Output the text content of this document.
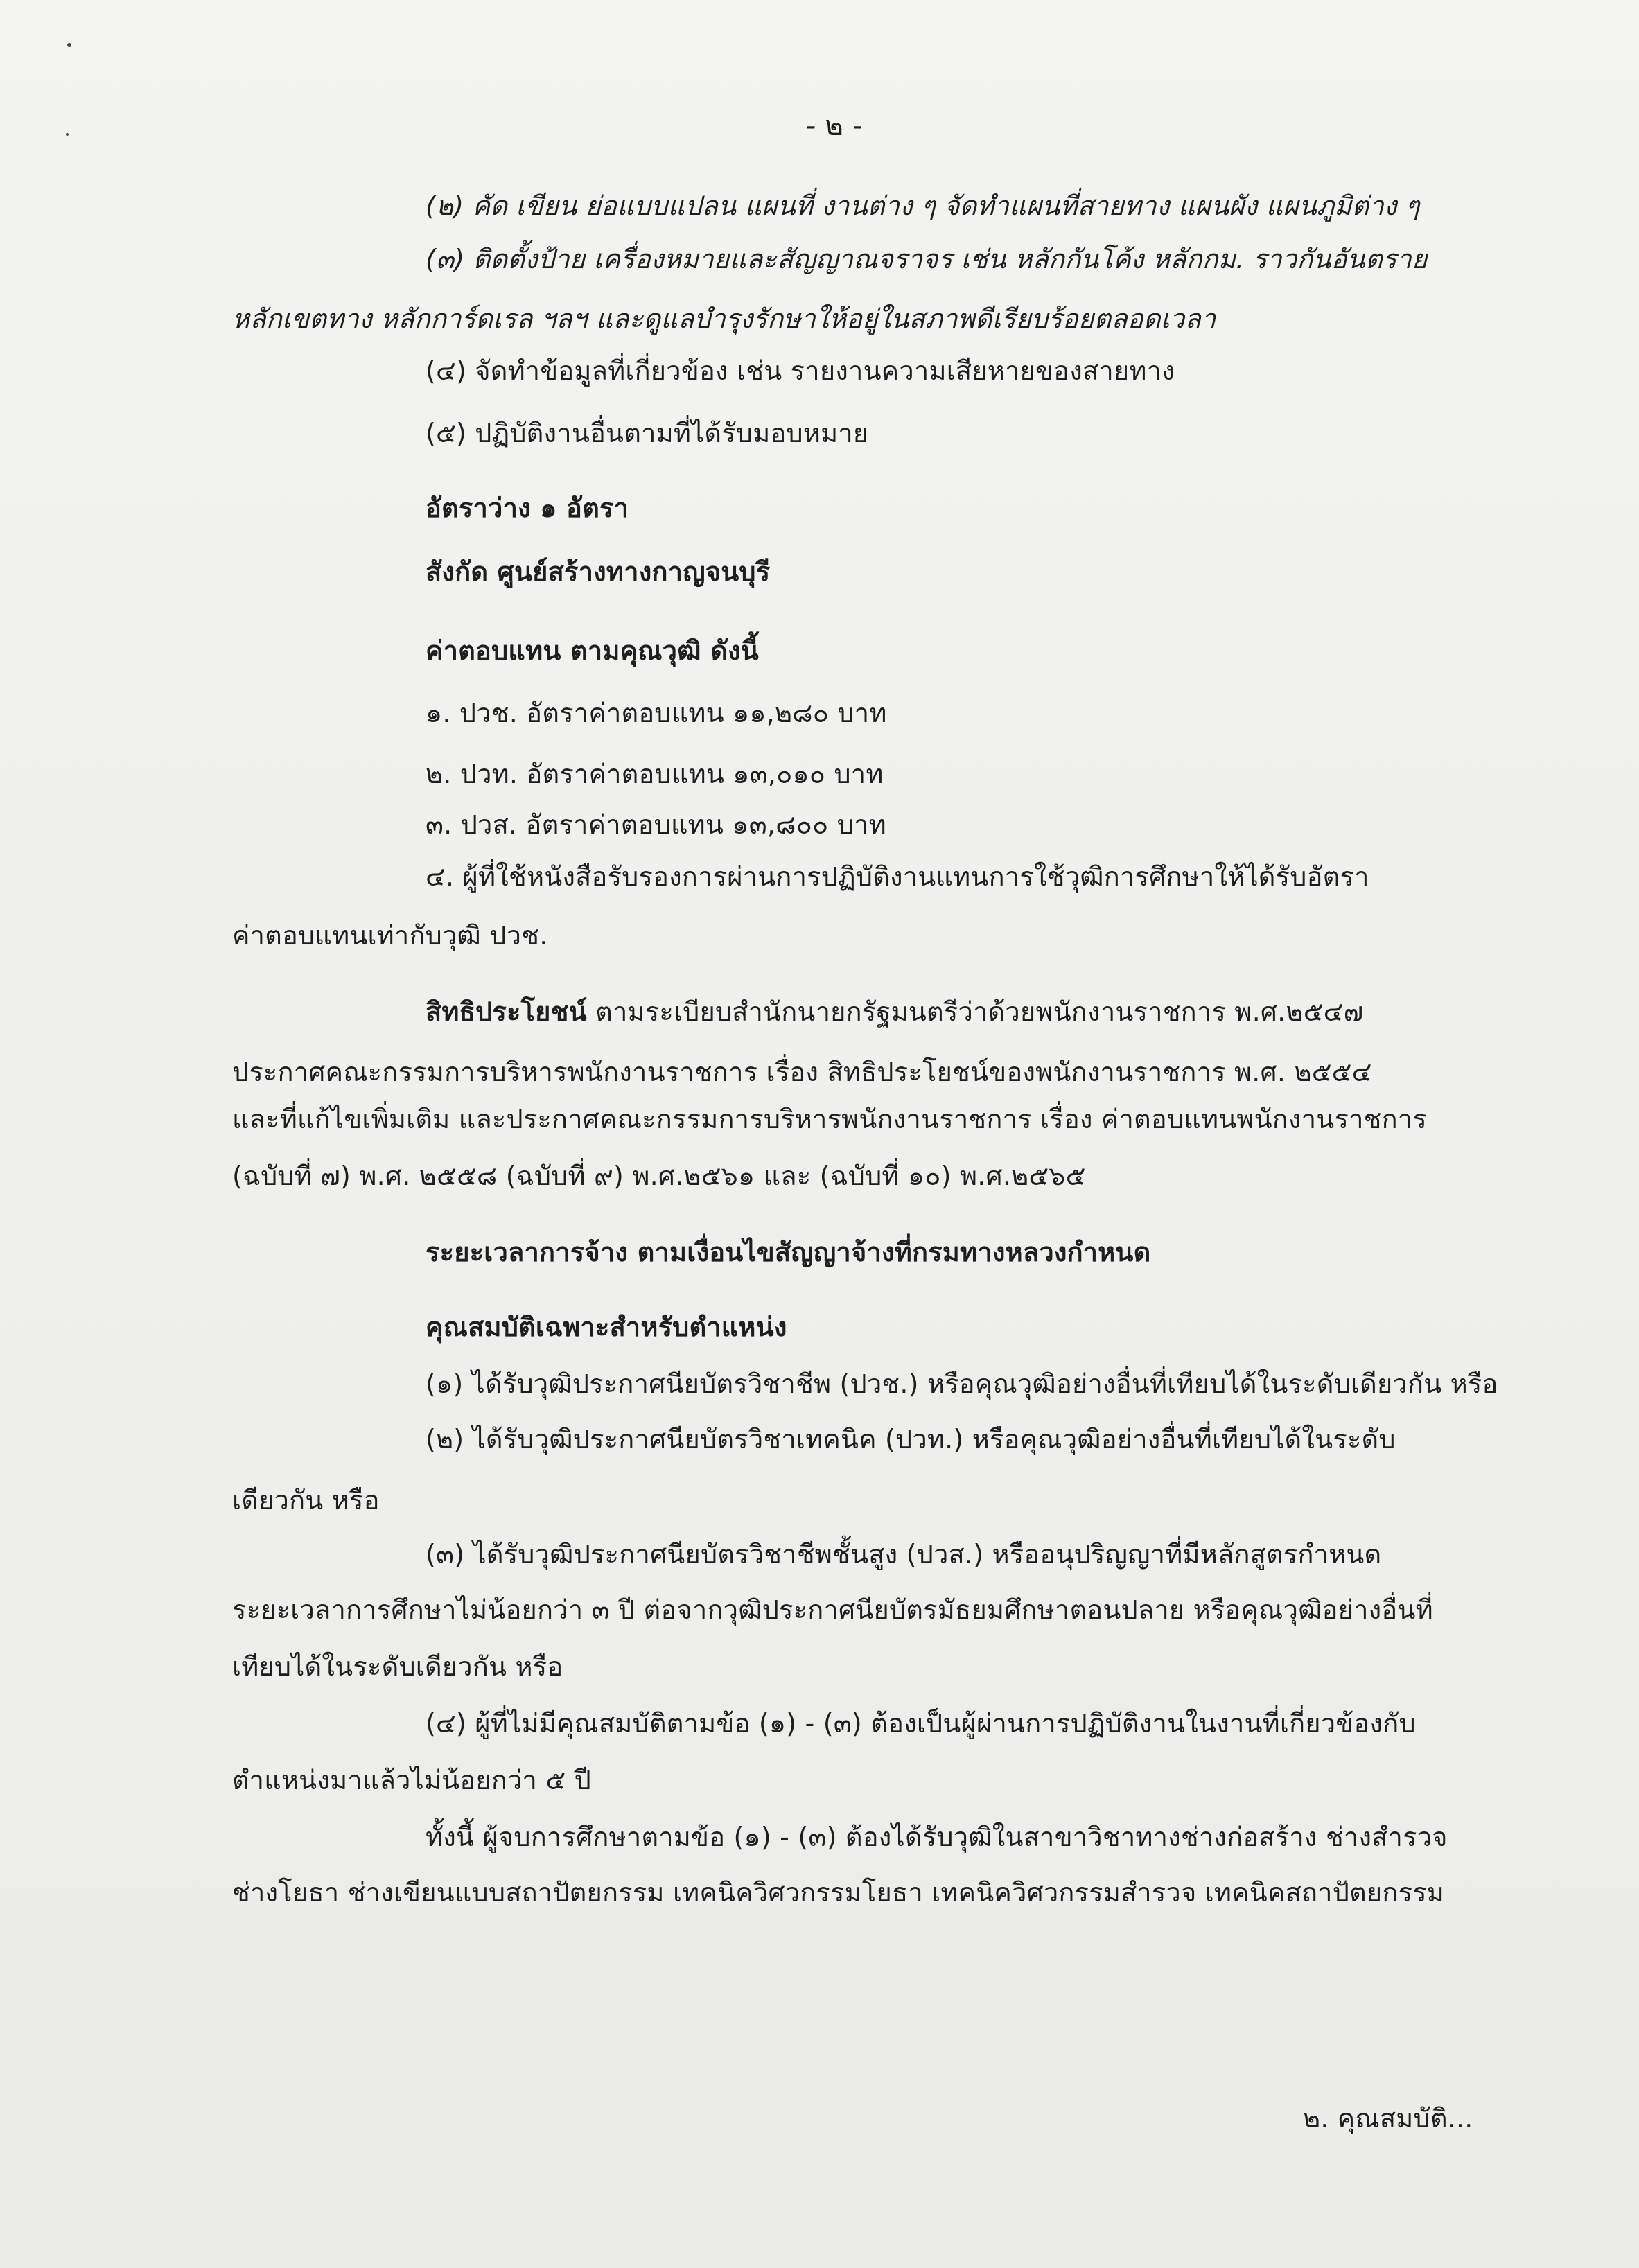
- ๒ -
(๒) คัด เขียน ย่อแบบแปลน แผนที่ งานต่าง ๆ จัดทำแผนที่สายทาง แผนผัง แผนภูมิต่าง ๆ
(๓) ติดตั้งป้าย เครื่องหมายและสัญญาณจราจร เช่น หลักกันโค้ง หลักกม. ราวกันอันตราย
หลักเขตทาง หลักการ์ดเรล ฯลฯ และดูแลบำรุงรักษาให้อยู่ในสภาพดีเรียบร้อยตลอดเวลา
(๔) จัดทำข้อมูลที่เกี่ยวข้อง เช่น รายงานความเสียหายของสายทาง
(๕) ปฏิบัติงานอื่นตามที่ได้รับมอบหมาย
อัตราว่าง ๑ อัตรา
สังกัด ศูนย์สร้างทางกาญจนบุรี
ค่าตอบแทน ตามคุณวุฒิ ดังนี้
๑. ปวช. อัตราค่าตอบแทน ๑๑,๒๘๐ บาท
๒. ปวท. อัตราค่าตอบแทน ๑๓,๐๑๐ บาท
๓. ปวส. อัตราค่าตอบแทน ๑๓,๘๐๐ บาท
๔. ผู้ที่ใช้หนังสือรับรองการผ่านการปฏิบัติงานแทนการใช้วุฒิการศึกษาให้ได้รับอัตรา
ค่าตอบแทนเท่ากับวุฒิ ปวช.
สิทธิประโยชน์ ตามระเบียบสำนักนายกรัฐมนตรีว่าด้วยพนักงานราชการ พ.ศ.๒๕๔๗
ประกาศคณะกรรมการบริหารพนักงานราชการ เรื่อง สิทธิประโยชน์ของพนักงานราชการ พ.ศ. ๒๕๕๔
และที่แก้ไขเพิ่มเติม และประกาศคณะกรรมการบริหารพนักงานราชการ เรื่อง ค่าตอบแทนพนักงานราชการ
(ฉบับที่ ๗) พ.ศ. ๒๕๕๘ (ฉบับที่ ๙) พ.ศ.๒๕๖๑ และ (ฉบับที่ ๑๐) พ.ศ.๒๕๖๕
ระยะเวลาการจ้าง ตามเงื่อนไขสัญญาจ้างที่กรมทางหลวงกำหนด
คุณสมบัติเฉพาะสำหรับตำแหน่ง
(๑) ได้รับวุฒิประกาศนียบัตรวิชาชีพ (ปวช.) หรือคุณวุฒิอย่างอื่นที่เทียบได้ในระดับเดียวกัน หรือ
(๒) ได้รับวุฒิประกาศนียบัตรวิชาเทคนิค (ปวท.) หรือคุณวุฒิอย่างอื่นที่เทียบได้ในระดับ
เดียวกัน หรือ
(๓) ได้รับวุฒิประกาศนียบัตรวิชาชีพชั้นสูง (ปวส.) หรืออนุปริญญาที่มีหลักสูตรกำหนด
ระยะเวลาการศึกษาไม่น้อยกว่า ๓ ปี ต่อจากวุฒิประกาศนียบัตรมัธยมศึกษาตอนปลาย หรือคุณวุฒิอย่างอื่นที่
เทียบได้ในระดับเดียวกัน หรือ
(๔) ผู้ที่ไม่มีคุณสมบัติตามข้อ (๑) - (๓) ต้องเป็นผู้ผ่านการปฏิบัติงานในงานที่เกี่ยวข้องกับ
ตำแหน่งมาแล้วไม่น้อยกว่า ๕ ปี
ทั้งนี้ ผู้จบการศึกษาตามข้อ (๑) - (๓) ต้องได้รับวุฒิในสาขาวิชาทางช่างก่อสร้าง ช่างสำรวจ
ช่างโยธา ช่างเขียนแบบสถาปัตยกรรม เทคนิควิศวกรรมโยธา เทคนิควิศวกรรมสำรวจ เทคนิคสถาปัตยกรรม
๒. คุณสมบัติ...
